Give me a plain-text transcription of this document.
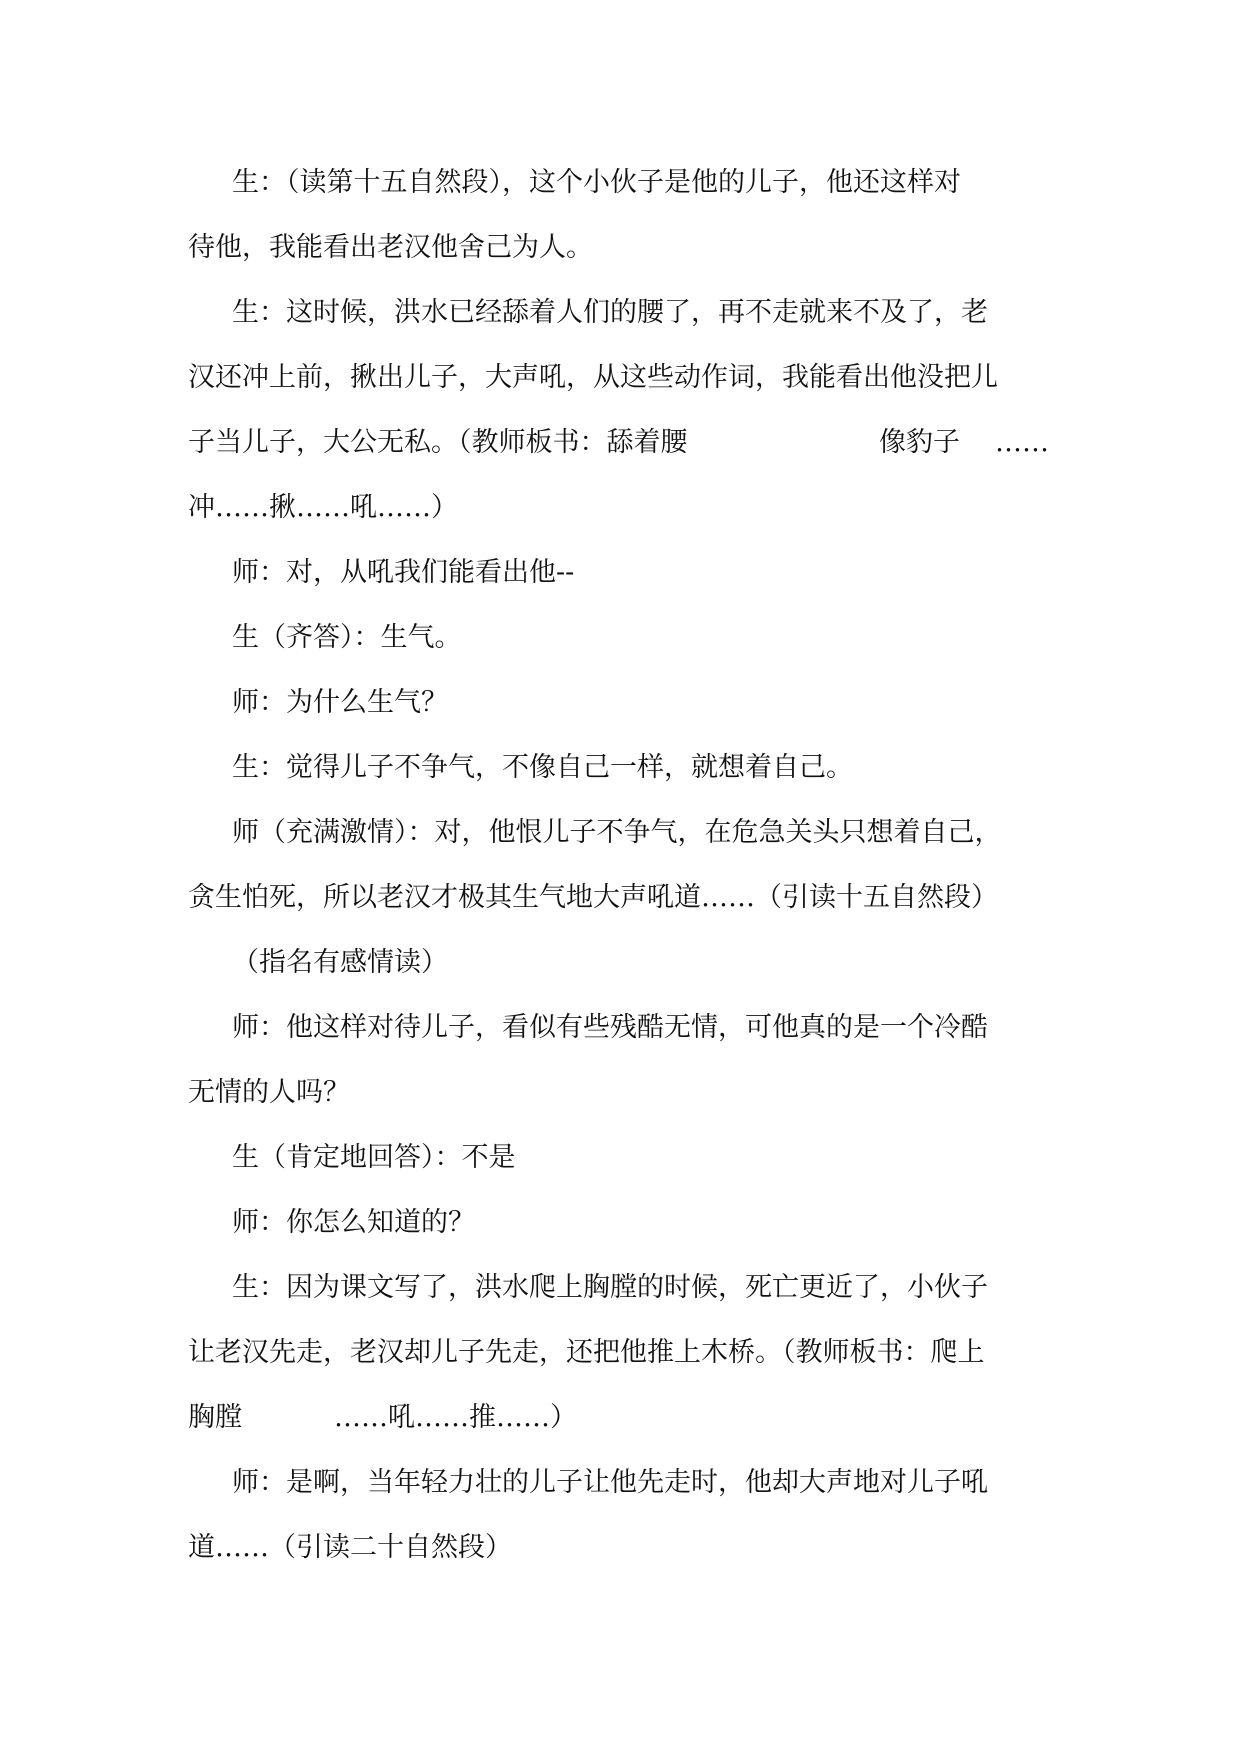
生：（读第十五自然段），这个小伙子是他的儿子，他还这样对
待他，我能看出老汉他舍己为人。
生：这时候，洪水已经舔着人们的腰了，再不走就来不及了，老
汉还冲上前，揪出儿子，大声吼，从这些动作词，我能看出他没把儿
子当儿子，大公无私。（教师板书：舔着腰	像豹子 ……
冲……揪……吼……）
师：对，从吼我们能看出他--
生（齐答）：生气。
师：为什么生气？
生：觉得儿子不争气，不像自己一样，就想着自己。
师（充满激情）：对，他恨儿子不争气，在危急关头只想着自己，
贪生怕死，所以老汉才极其生气地大声吼道……（引读十五自然段）
（指名有感情读）
师：他这样对待儿子，看似有些残酷无情，可他真的是一个冷酷
无情的人吗？
生（肯定地回答）：不是
师：你怎么知道的？
生：因为课文写了，洪水爬上胸膛的时候，死亡更近了，小伙子
让老汉先走，老汉却儿子先走，还把他推上木桥。（教师板书：爬上
胸膛	……吼……推……）
师：是啊，当年轻力壮的儿子让他先走时，他却大声地对儿子吼
道……（引读二十自然段）
